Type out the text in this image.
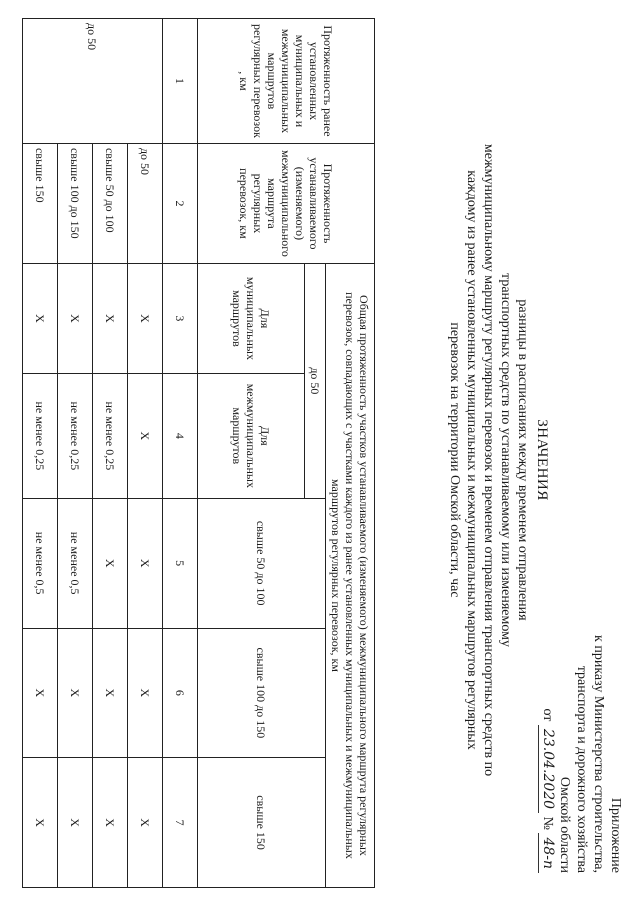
Приложение
к приказу Министерства строительства,
транспорта и дорожного хозяйства
Омской области
от 23.04.2020 № 48-п
ЗНАЧЕНИЯ
разницы в расписаниях между временем отправления
транспортных средств по устанавливаемому или изменяемому
межмуниципальному маршруту регулярных перевозок и временем отправления транспортных средств по
каждому из ранее установленных муниципальных и межмуниципальных маршрутов регулярных
перевозок на территории Омской области, час
Протяженность ранее установленных муниципальных и межмуниципальных маршрутов регулярных перевозок , км	Протяженность устанавливаемого (изменяемого) межмуниципального маршрута регулярных перевозок, км	Общая протяженность участков устанавливаемого (изменяемого) межмуниципального маршрута регулярных перевозок, совпадающих с участками каждого из ранее установленных муниципальных и межмуниципальных маршрутов регулярных перевозок, км				
		до 50		свыше 50 до 100	свыше 100 до 150	свыше 150
		Для муниципальных маршрутов	Для межмуниципальных маршрутов			
1	2	3	4	5	6	7
до 50	до 50	X	X	X	X	X
	свыше 50 до 100	X	не менее 0,25	X	X	X
	свыше 100 до 150	X	не менее 0,25	не менее 0,5	X	X
	свыше 150	X	не менее 0,25	не менее 0,5	X	X
